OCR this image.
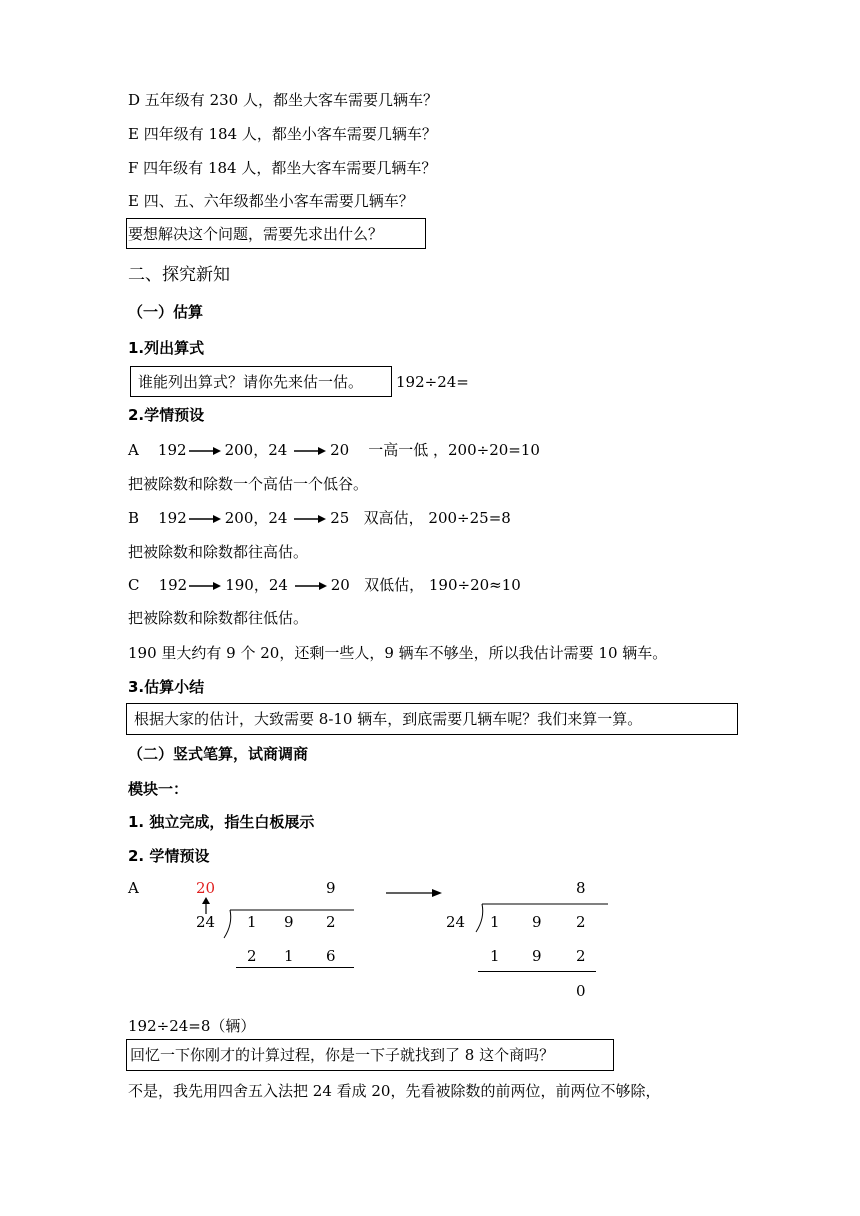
D 五年级有 230 人，都坐大客车需要几辆车？
E 四年级有 184 人，都坐小客车需要几辆车？
F 四年级有 184 人，都坐大客车需要几辆车？
E 四、五、六年级都坐小客车需要几辆车？
要想解决这个问题，需要先求出什么？
二、探究新知
（一）估算
1.列出算式
谁能列出算式？请你先来估一估。 192÷24=
2.学情预设
A 192	200，24	20 一高一低 ，200÷20=10
把被除数和除数一个高估一个低谷。
B 192	200，24	25 双高估， 200÷25=8
把被除数和除数都往高估。
C 192	190，24	20 双低估， 190÷20≈10
把被除数和除数都往低估。
190 里大约有 9 个 20，还剩一些人，9 辆车不够坐，所以我估计需要 10 辆车。
3.估算小结
根据大家的估计，大致需要 8-10 辆车，到底需要几辆车呢？我们来算一算。
（二）竖式笔算，试商调商
模块一：
1. 独立完成，指生白板展示
2. 学情预设
A	20	9
24 1 9 2
2 1 6
8
24 1 9 2
1 9 2
0
192÷24=8（辆）
回忆一下你刚才的计算过程，你是一下子就找到了 8 这个商吗？
不是，我先用四舍五入法把 24 看成 20，先看被除数的前两位，前两位不够除，
